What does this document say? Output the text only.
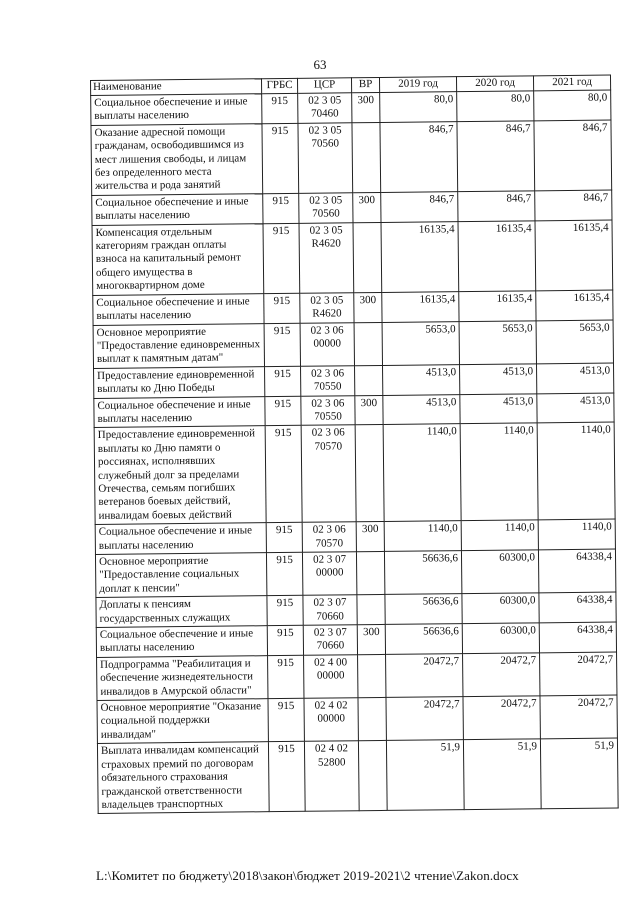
63
Наименование	ГРБС	ЦСР	ВР	2019 год	2020 год	2021 год
Социальное обеспечение и иные выплаты населению	915	02 3 05 70460	300	80,0	80,0	80,0
Оказание адресной помощи гражданам, освободившимся из мест лишения свободы, и лицам без определенного места жительства и рода занятий	915	02 3 05 70560		846,7	846,7	846,7
Социальное обеспечение и иные выплаты населению	915	02 3 05 70560	300	846,7	846,7	846,7
Компенсация отдельным категориям граждан оплаты взноса на капитальный ремонт общего имущества в многоквартирном доме	915	02 3 05 R4620		16135,4	16135,4	16135,4
Социальное обеспечение и иные выплаты населению	915	02 3 05 R4620	300	16135,4	16135,4	16135,4
Основное мероприятие "Предоставление единовременных выплат к памятным датам"	915	02 3 06 00000		5653,0	5653,0	5653,0
Предоставление единовременной выплаты ко Дню Победы	915	02 3 06 70550		4513,0	4513,0	4513,0
Социальное обеспечение и иные выплаты населению	915	02 3 06 70550	300	4513,0	4513,0	4513,0
Предоставление единовременной выплаты ко Дню памяти о россиянах, исполнявших служебный долг за пределами Отечества, семьям погибших ветеранов боевых действий, инвалидам боевых действий	915	02 3 06 70570		1140,0	1140,0	1140,0
Социальное обеспечение и иные выплаты населению	915	02 3 06 70570	300	1140,0	1140,0	1140,0
Основное мероприятие "Предоставление социальных доплат к пенсии"	915	02 3 07 00000		56636,6	60300,0	64338,4
Доплаты к пенсиям государственных служащих	915	02 3 07 70660		56636,6	60300,0	64338,4
Социальное обеспечение и иные выплаты населению	915	02 3 07 70660	300	56636,6	60300,0	64338,4
Подпрограмма "Реабилитация и обеспечение жизнедеятельности инвалидов в Амурской области"	915	02 4 00 00000		20472,7	20472,7	20472,7
Основное мероприятие "Оказание социальной поддержки инвалидам"	915	02 4 02 00000		20472,7	20472,7	20472,7
Выплата инвалидам компенсаций страховых премий по договорам обязательного страхования гражданской ответственности владельцев транспортных	915	02 4 02 52800		51,9	51,9	51,9
L:\Комитет по бюджету\2018\закон\бюджет 2019-2021\2 чтение\Zakon.docx
